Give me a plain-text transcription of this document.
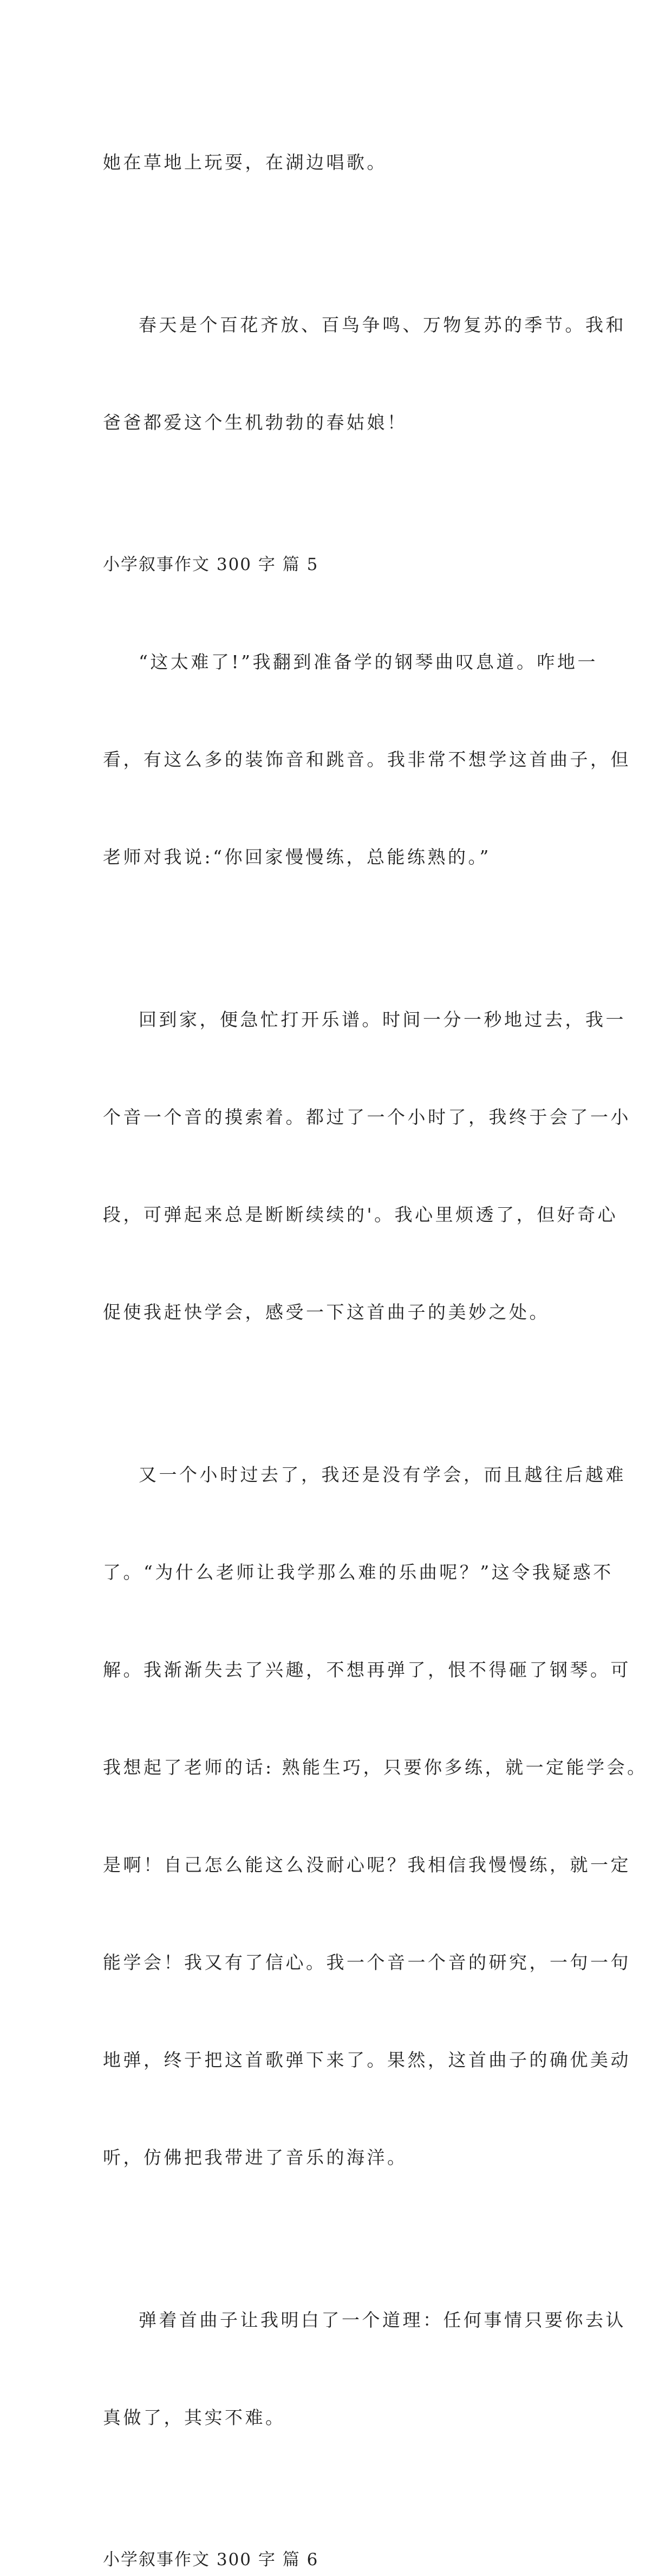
她在草地上玩耍，在湖边唱歌。

春天是个百花齐放、百鸟争鸣、万物复苏的季节。我和

爸爸都爱这个生机勃勃的春姑娘！

小学叙事作文 300 字 篇 5

“这太难了!”我翻到准备学的钢琴曲叹息道。咋地一

看，有这么多的装饰音和跳音。我非常不想学这首曲子，但

老师对我说:“你回家慢慢练，总能练熟的。”

回到家，便急忙打开乐谱。时间一分一秒地过去，我一

个音一个音的摸索着。都过了一个小时了，我终于会了一小

段，可弹起来总是断断续续的'。我心里烦透了，但好奇心

促使我赶快学会，感受一下这首曲子的美妙之处。

又一个小时过去了，我还是没有学会，而且越往后越难

了。“为什么老师让我学那么难的乐曲呢？”这令我疑惑不

解。我渐渐失去了兴趣，不想再弹了，恨不得砸了钢琴。可

我想起了老师的话: 熟能生巧，只要你多练，就一定能学会。

是啊！自己怎么能这么没耐心呢？我相信我慢慢练，就一定

能学会！我又有了信心。我一个音一个音的研究，一句一句

地弹，终于把这首歌弹下来了。果然，这首曲子的确优美动

听，仿佛把我带进了音乐的海洋。

弹着首曲子让我明白了一个道理：任何事情只要你去认

真做了，其实不难。

小学叙事作文 300 字 篇 6
